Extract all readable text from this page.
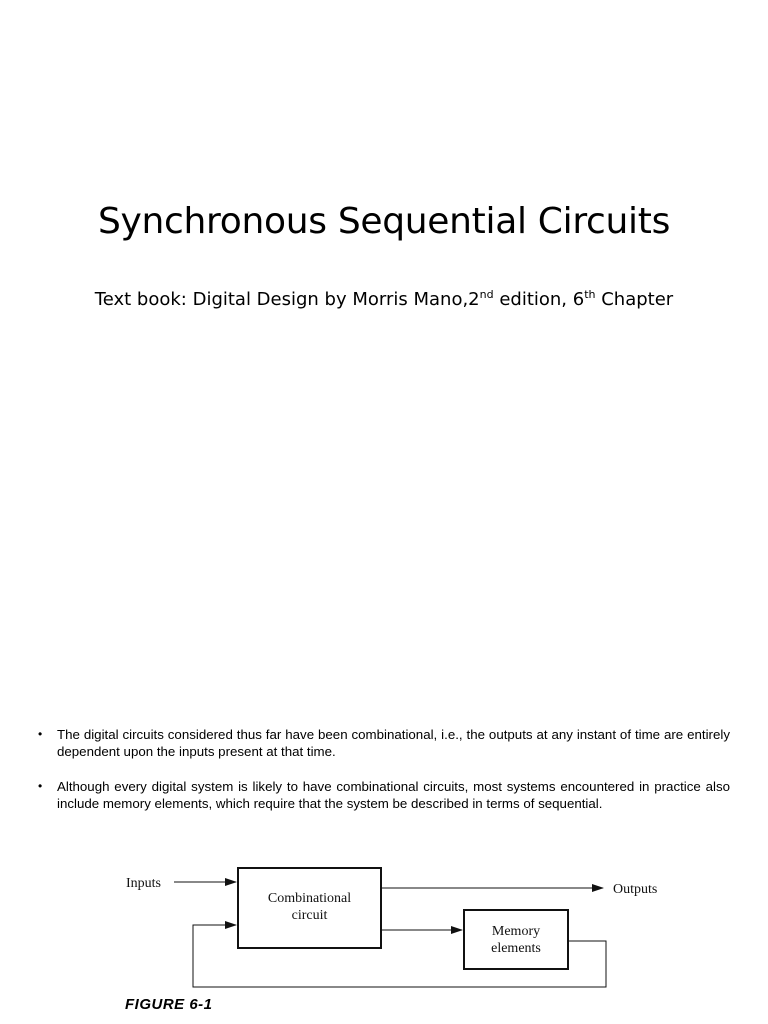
Synchronous Sequential Circuits

Text book: Digital Design by Morris Mano,2nd edition, 6th Chapter

• The digital circuits considered thus far have been combinational, i.e., the outputs at any instant of time are entirely dependent upon the inputs present at that time.
• Although every digital system is likely to have combinational circuits, most systems encountered in practice also include memory elements, which require that the system be described in terms of sequential.
Inputs
Combinational
circuit
Outputs
Memory
elements
FIGURE 6-1
